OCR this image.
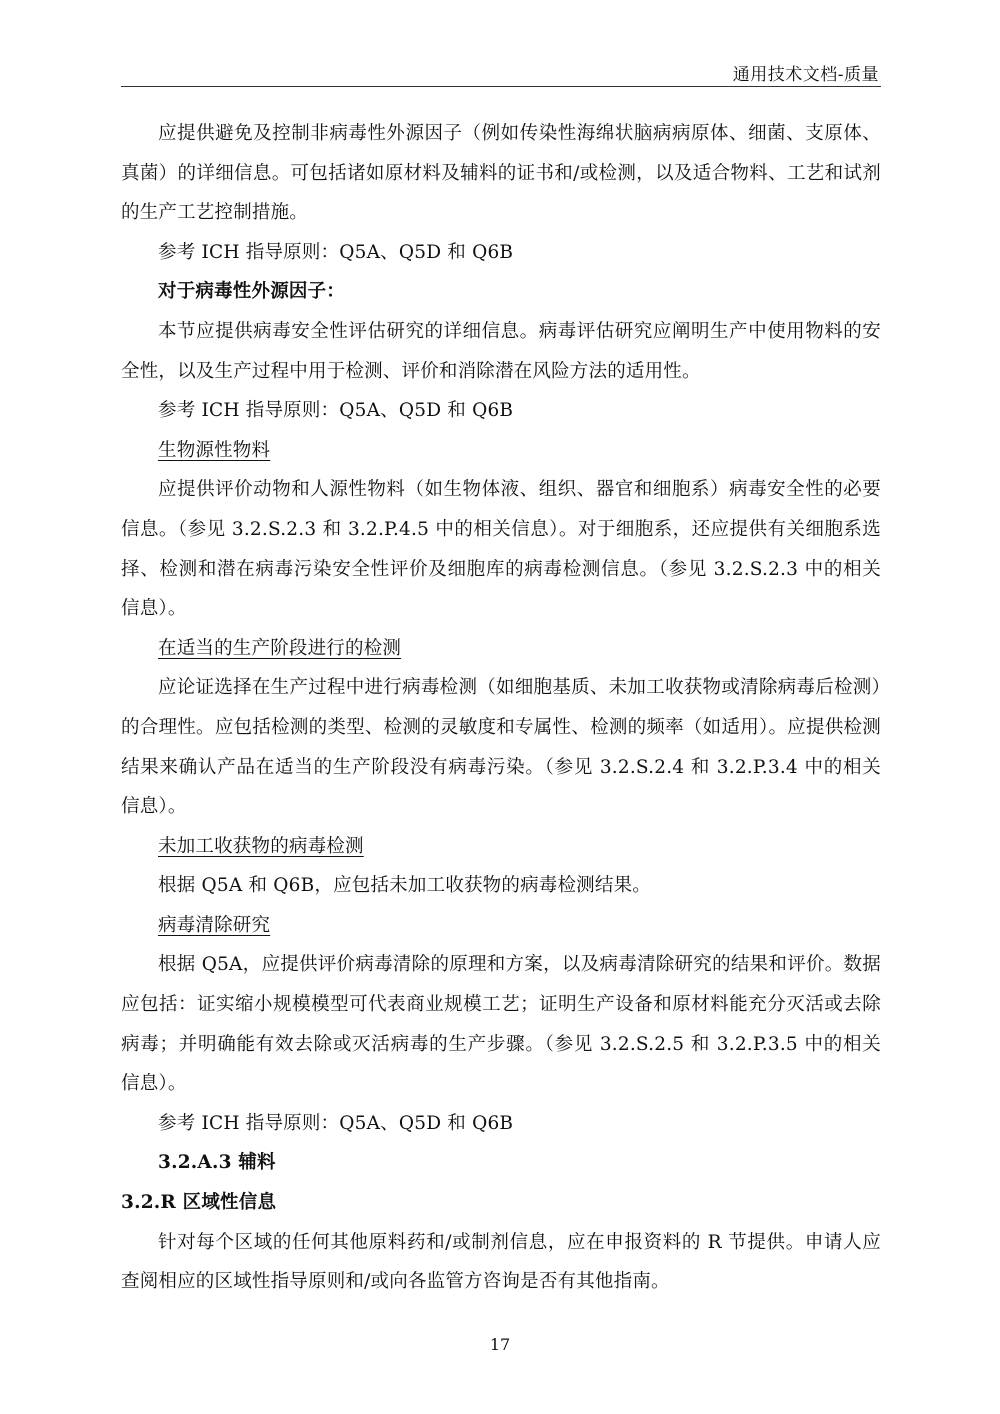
通用技术文档-质量

应提供避免及控制非病毒性外源因子（例如传染性海绵状脑病病原体、细菌、支原体、真菌）的详细信息。可包括诸如原材料及辅料的证书和/或检测，以及适合物料、工艺和试剂的生产工艺控制措施。

参考 ICH 指导原则：Q5A、Q5D 和 Q6B

对于病毒性外源因子：

本节应提供病毒安全性评估研究的详细信息。病毒评估研究应阐明生产中使用物料的安全性，以及生产过程中用于检测、评价和消除潜在风险方法的适用性。

参考 ICH 指导原则：Q5A、Q5D 和 Q6B

生物源性物料

应提供评价动物和人源性物料（如生物体液、组织、器官和细胞系）病毒安全性的必要信息。（参见 3.2.S.2.3 和 3.2.P.4.5 中的相关信息）。对于细胞系，还应提供有关细胞系选择、检测和潜在病毒污染安全性评价及细胞库的病毒检测信息。（参见 3.2.S.2.3 中的相关信息）。

在适当的生产阶段进行的检测

应论证选择在生产过程中进行病毒检测（如细胞基质、未加工收获物或清除病毒后检测）的合理性。应包括检测的类型、检测的灵敏度和专属性、检测的频率（如适用）。应提供检测结果来确认产品在适当的生产阶段没有病毒污染。（参见 3.2.S.2.4 和 3.2.P.3.4 中的相关信息）。

未加工收获物的病毒检测

根据 Q5A 和 Q6B，应包括未加工收获物的病毒检测结果。

病毒清除研究

根据 Q5A，应提供评价病毒清除的原理和方案，以及病毒清除研究的结果和评价。数据应包括：证实缩小规模模型可代表商业规模工艺；证明生产设备和原材料能充分灭活或去除病毒；并明确能有效去除或灭活病毒的生产步骤。（参见 3.2.S.2.5 和 3.2.P.3.5 中的相关信息）。

参考 ICH 指导原则：Q5A、Q5D 和 Q6B

3.2.A.3 辅料

3.2.R 区域性信息

针对每个区域的任何其他原料药和/或制剂信息，应在申报资料的 R 节提供。申请人应查阅相应的区域性指导原则和/或向各监管方咨询是否有其他指南。

17
